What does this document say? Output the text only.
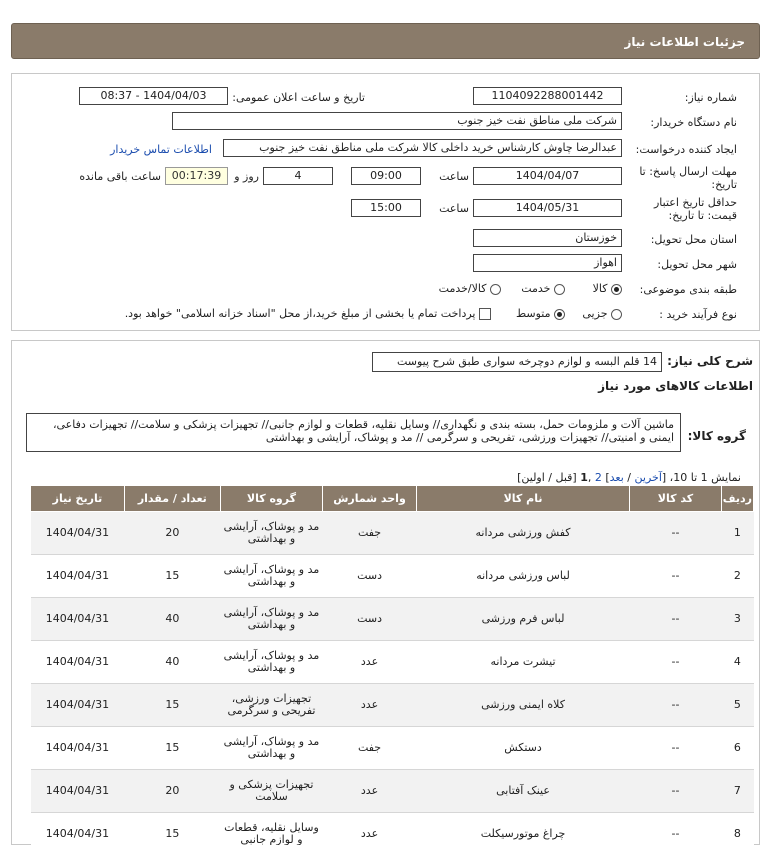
جزئیات اطلاعات نیاز
شماره نیاز:
1104092288001442
تاریخ و ساعت اعلان عمومی:
1404/04/03 - 08:37
نام دستگاه خریدار:
شرکت ملی مناطق نفت خیز جنوب
ایجاد کننده درخواست:
عبدالرضا چاوش کارشناس خرید داخلی کالا شرکت ملی مناطق نفت خیز جنوب
اطلاعات تماس خریدار
مهلت ارسال پاسخ: تا
تاریخ:
1404/04/07
ساعت
09:00
4
روز و
00:17:39
ساعت باقی مانده
حداقل تاریخ اعتبار
قیمت: تا تاریخ:
1404/05/31
ساعت
15:00
استان محل تحویل:
خوزستان
شهر محل تحویل:
اهواز
طبقه بندی موضوعی:
کالا
خدمت
کالا/خدمت
نوع فرآیند خرید :
جزیی
متوسط
پرداخت تمام یا بخشی از مبلغ خرید،از محل "اسناد خزانه اسلامی" خواهد بود.
شرح کلی نیاز:
14 قلم البسه و لوازم دوچرخه سواری طبق شرح پیوست
اطلاعات کالاهای مورد نیاز
گروه کالا:
ماشین آلات و ملزومات حمل، بسته بندی و نگهداری// وسایل نقلیه، قطعات و لوازم جانبی// تجهیزات پزشکی و سلامت// تجهیزات دفاعی، ایمنی و امنیتی// تجهیزات ورزشی، تفریحی و سرگرمی // مد و پوشاک، آرایشی و بهداشتی
نمایش 1 تا 10، [آخرین / بعد] 2 ,1 [قبل / اولین]
ردیف	کد کالا	نام کالا	واحد شمارش	گروه کالا	تعداد / مقدار	تاریخ نیاز
1	--	کفش ورزشی مردانه	جفت	مد و پوشاک، آرایشی و بهداشتی	20	1404/04/31
2	--	لباس ورزشی مردانه	دست	مد و پوشاک، آرایشی و بهداشتی	15	1404/04/31
3	--	لباس فرم ورزشی	دست	مد و پوشاک، آرایشی و بهداشتی	40	1404/04/31
4	--	تیشرت مردانه	عدد	مد و پوشاک، آرایشی و بهداشتی	40	1404/04/31
5	--	کلاه ایمنی ورزشی	عدد	تجهیزات ورزشی، تفریحی و سرگرمی	15	1404/04/31
6	--	دستکش	جفت	مد و پوشاک، آرایشی و بهداشتی	15	1404/04/31
7	--	عینک آفتابی	عدد	تجهیزات پزشکی و سلامت	20	1404/04/31
8	--	چراغ موتورسیکلت	عدد	وسایل نقلیه، قطعات و لوازم جانبی	15	1404/04/31
